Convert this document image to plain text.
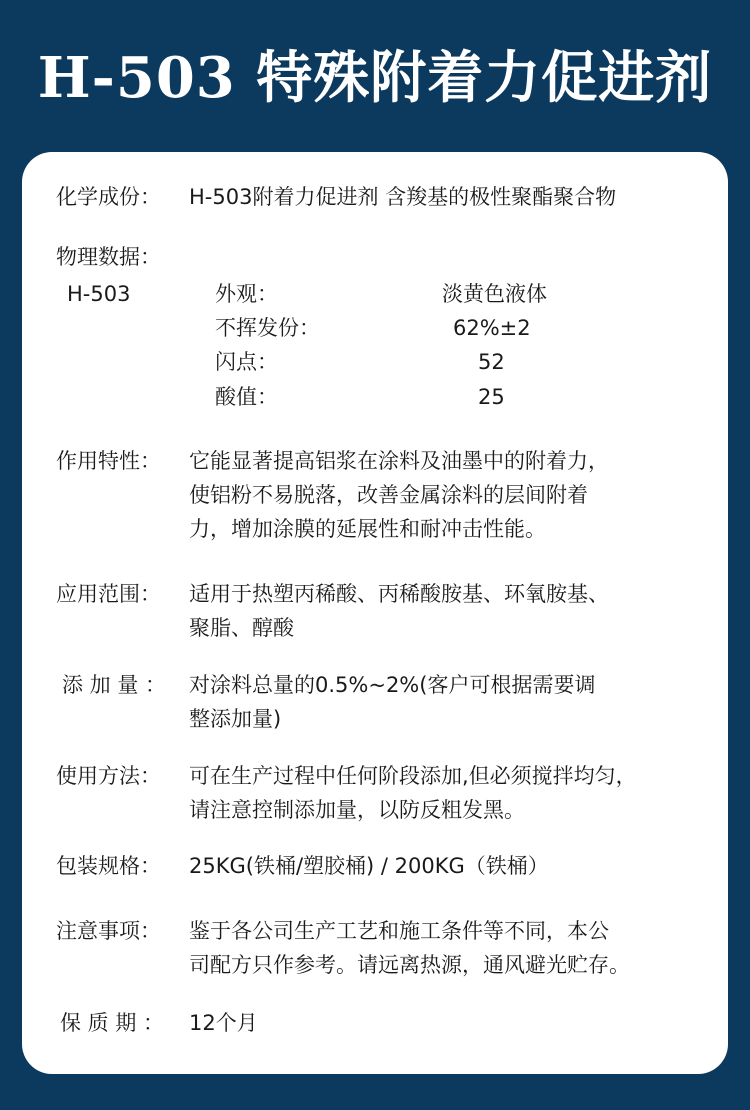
H-503 特殊附着力促进剂
化学成份： H-503附着力促进剂 含羧基的极性聚酯聚合物
物理数据：
H-503	外观：	淡黄色液体
不挥发份：	62%±2
闪点：	52
酸值：	25
作用特性： 它能显著提高铝浆在涂料及油墨中的附着力，
使铝粉不易脱落，改善金属涂料的层间附着
力，增加涂膜的延展性和耐冲击性能。
应用范围： 适用于热塑丙稀酸、丙稀酸胺基、环氧胺基、
聚脂、醇酸
添 加 量 ： 对涂料总量的0.5%~2%(客户可根据需要调
整添加量)
使用方法： 可在生产过程中任何阶段添加,但必须搅拌均匀，
请注意控制添加量，以防反粗发黑。
包装规格： 25KG(铁桶/塑胶桶) / 200KG（铁桶）
注意事项： 鉴于各公司生产工艺和施工条件等不同，本公
司配方只作参考。请远离热源，通风避光贮存。
保 质 期 ： 12个月
